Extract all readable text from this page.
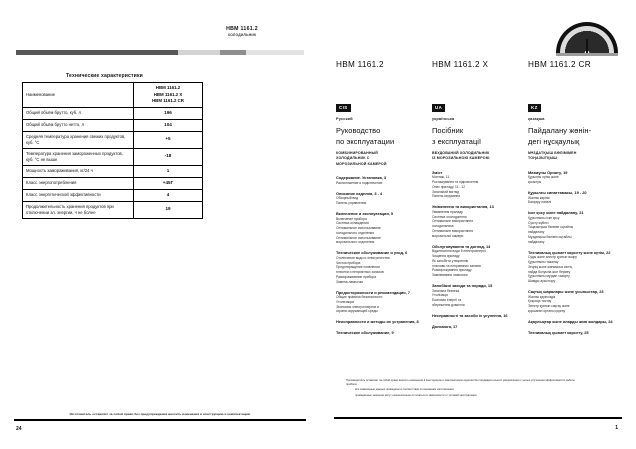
HBM 1161.2
ХОЛОДИЛЬНИК
Технические характеристики
Наименование	HBM 1161.2
HBM 1161.2 X
HBM 1161.2 CR

Общий объём брутто, куб. л	196

Общий объём брутто нетто, л	104

Средняя температура хранения свежих продуктов, куб. °C	+5

Температура хранения замороженных продуктов, куб. °C не выше	-18

Мощность замораживания, кг/24 ч	1

Класс энергопотребления	+45Г

Класс энергетической эффективности	4

Продолжительность хранения продуктов при отключении эл. энергии, ч не более	19
Изготовитель оставляет за собой право без предупреждения вносить изменения в конструкцию и комплектацию
24
HBM 1161.2	HBM 1161.2 X	HBM 1161.2 CR
CIS
Русский
Руководство
по эксплуатации
КОМБИНИРОВАННЫЙ
ХОЛОДИЛЬНИК С
МОРОЗИЛЬНОЙ КАМЕРОЙ
Содержание. Установка, 3
Расположение и подключение
Описание изделия, 3 - 4
Обзорный вид
Панель управления
Включение и эксплуатация, 5
Включение прибора
Система охлаждения
Оптимальное использование
холодильного отделения
Оптимальное использование
морозильного отделения
Техническое обслуживание и уход, 6
Отключение воды и электричества
Чистка прибора
Предотвращение появления
плесени и неприятных запахов
Размораживание прибора
Замена лампочки
Предосторожности и рекомендации, 7
Общие правила безопасности
Утилизация
Экономия электроэнергии и
охрана окружающей среды
Неисправности и методы их устранения, 8
Техническое обслуживание, 9
UA
українська
Посібник
з експлуатації
ВБУДОВАНИЙ ХОЛОДИЛЬНИК
ІЗ МОРОЗИЛЬНОЮ КАМЕРОЮ
Зміст
Монтаж, 11
Розташування та підключення
Опис приладу, 11 - 12
Загальний вигляд
Панель керування
Увімкнення та використання, 13
Увімкнення приладу
Система охолодження
Оптимальне використання
холодильника
Оптимальне використання
морозильної камери
Обслуговування та догляд, 14
Відключення води й електроенергії
Чищення приладу
Як запобігти утворенню
плісняви та неприємних запахів
Розморожування приладу
Замінювання лампочки
Запобіжні заходи та поради, 15
Загальна безпека
Утилізація
Економія енергії та
збереження довкілля
Несправності та засоби їх усунення, 16
Допомога, 17
KZ
қазақша
Пайдалану жөнін-
дегі нұсқаулық
МҰЗДАТҚЫШ БӨЛІМІМЕН
ТОҢАЗЫТҚЫШ
Мазмұны Орнату, 19
Құрылғы орны және
қосылуы
Құрылғы сипаттамасы, 19 - 20
Жалпы көрініс
Басқару панелі
Іске қосу және пайдалану, 21
Құрылғыны іске қосу
Суыту жүйесі
Тоңазытқыш бөлімін оңтайлы
пайдалану
Мұздатқыш бөлімін оңтайлы
пайдалану
Техникалық қызмет көрсету және күтім, 22
Суды және электр қуатын өшіру
Құрылғыны тазалау
Зеңнің және жағымсыз иістің
пайда болуына жол бермеу
Құрылғыны мұздан тазарту
Шамды ауыстыру
Сақтық шаралары және ұсыныстар, 23
Жалпы қауіпсіздік
Қоқысқа тастау
Электр қуатын сақтау және
қоршаған ортаны қорғау
Ақаулықтар және оларды жою жолдары, 24
Техникалық қызмет көрсету, 25

Производитель оставляет за собой право вносить изменения в конструкцию и комплектацию изделия без предварительного уведомления с целью улучшения эффективности работы прибора:

все заявленные данные приведены в соответствии со временем изготовления;

приведённые значения могут незначительно отличаться в зависимости от условий эксплуатации.

1
